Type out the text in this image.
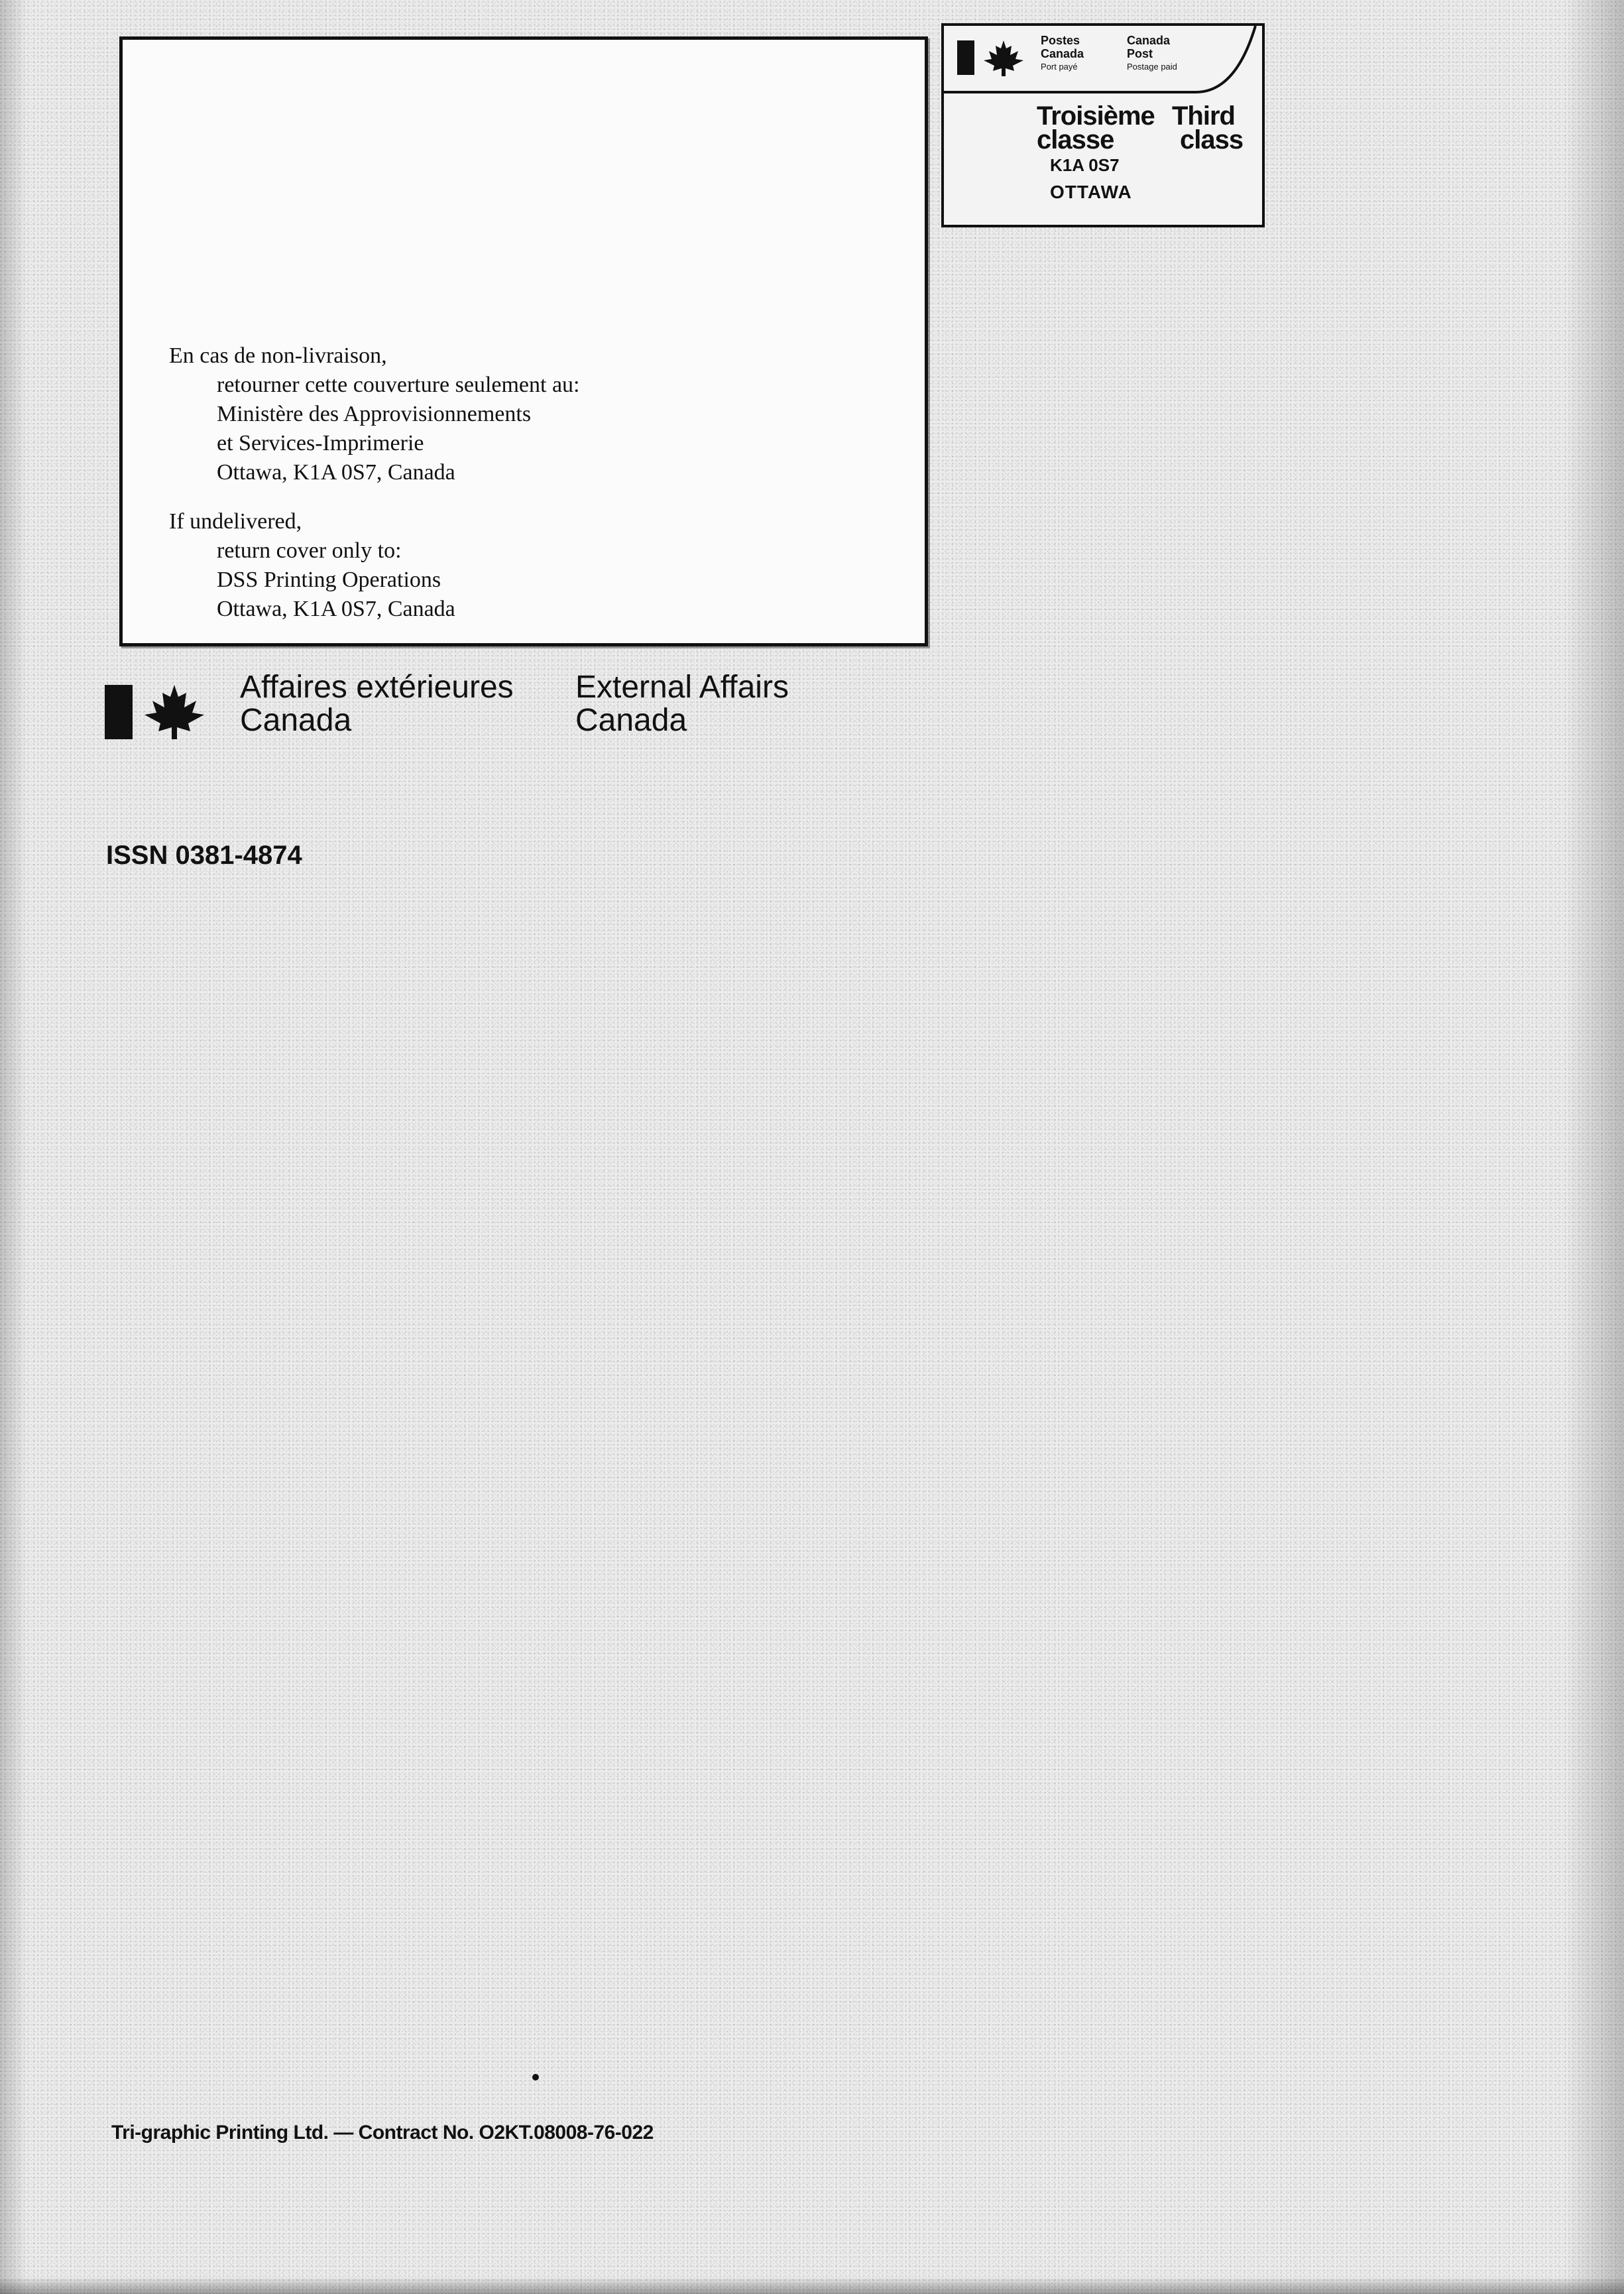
En cas de non-livraison,
retourner cette couverture seulement au:
Ministère des Approvisionnements
et Services-Imprimerie
Ottawa, K1A 0S7, Canada
If undelivered,
return cover only to:
DSS Printing Operations
Ottawa, K1A 0S7, Canada
Postes
Canada
Port payé
Canada
Post
Postage paid
Troisième
classe
Third
class
K1A 0S7
OTTAWA
Affaires extérieures
Canada
External Affairs
Canada
ISSN 0381-4874
Tri-graphic Printing Ltd. — Contract No. O2KT.08008-76-022
